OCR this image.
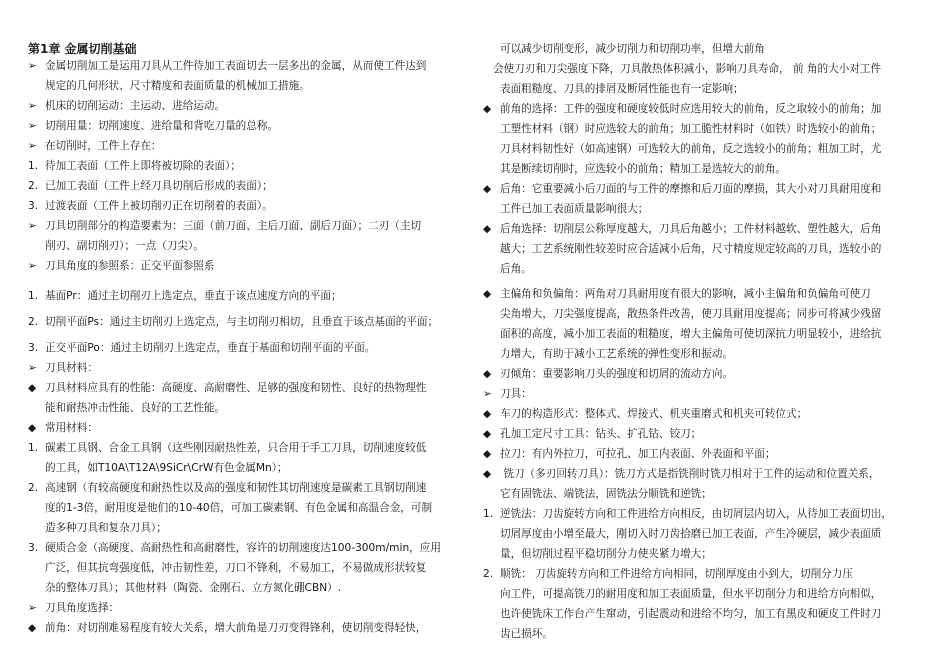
第1章 金属切削基础
➢ 金属切削加工是运用刀具从工件待加工表面切去一层多出的金属，从而使工件达到
规定的几何形状、尺寸精度和表面质量的机械加工措施。
➢ 机床的切削运动：主运动、进给运动。
➢ 切削用量：切削速度、进给量和背吃刀量的总称。
➢ 在切削时，工件上存在：
1. 待加工表面（工件上即将被切除的表面）；
2. 已加工表面（工件上经刀具切削后形成的表面）；
3. 过渡表面（工件上被切削刃正在切削着的表面）。
➢ 刀具切削部分的构造要素为：三面（前刀面、主后刀面、副后刀面）；二刃（主切
削刃、副切削刃）；一点（刀尖）。
➢ 刀具角度的参照系：正交平面参照系
1. 基面Pr：通过主切削刃上选定点，垂直于该点速度方向的平面；
2. 切削平面Ps：通过主切削刃上选定点，与主切削刃相切，且垂直于该点基面的平面；
3. 正交平面Po：通过主切削刃上选定点，垂直于基面和切削平面的平面。
➢ 刀具材料：
◆ 刀具材料应具有的性能：高硬度、高耐磨性、足够的强度和韧性、良好的热物理性
能和耐热冲击性能、良好的工艺性能。
◆ 常用材料：
1. 碳素工具钢、合金工具钢（这些刚因耐热性差，只合用于手工刀具，切削速度较低
的工具，如T10A\T12A\9SiCr\CrW有色金属Mn）；
2. 高速钢（有较高硬度和耐热性以及高的强度和韧性其切削速度是碳素工具钢切削速
度的1-3倍，耐用度是他们的10-40倍，可加工碳素钢、有色金属和高温合金，可制
造多种刀具和复杂刀具）；
3. 硬质合金（高硬度、高耐热性和高耐磨性，容许的切削速度达100-300m/min，应用
广泛，但其抗弯强度低，冲击韧性差，刀口不锋利，不易加工，不易做成形状较复
杂的整体刀具）；其他材料（陶瓷、金刚石、立方氮化硼CBN）.
➢ 刀具角度选择：
◆ 前角：对切削难易程度有较大关系，增大前角是刀刃变得锋利，使切削变得轻快，
可以减少切削变形，减少切削力和切削功率，但增大前角
会使刀刃和刀尖强度下降，刀具散热体积减小，影响刀具寿命， 前 角的大小对工件
表面粗糙度、刀具的排屑及断屑性能也有一定影响；
◆ 前角的选择：工件的强度和硬度较低时应选用较大的前角，反之取较小的前角；加
工塑性材料（钢）时应选较大的前角；加工脆性材料时（如铁）时选较小的前角；
刀具材料韧性好（如高速钢）可选较大的前角，反之选较小的前角；粗加工时，尤
其是断续切削时，应选较小的前角；精加工是选较大的前角。
◆ 后角：它重要减小后刀面的与工件的摩擦和后刀面的摩损，其大小对刀具耐用度和
工件已加工表面质量影响很大；
◆ 后角选择：切削层公称厚度越大，刀具后角越小；工件材料越软、塑性越大，后角
越大；工艺系统刚性较差时应合适减小后角，尺寸精度规定较高的刀具，选较小的
后角。
◆ 主偏角和负偏角：两角对刀具耐用度有很大的影响，减小主偏角和负偏角可使刀
尖角增大，刀尖强度提高，散热条件改善，使刀具耐用度提高；同步可将减少残留
面积的高度，减小加工表面的粗糙度，增大主偏角可使切深抗力明显较小，进给抗
力增大，有助于减小工艺系统的弹性变形和振动。
◆ 刃倾角：重要影响刀头的强度和切屑的流动方向。
➢ 刀具：
◆ 车刀的构造形式：整体式、焊接式、机夹重磨式和机夹可转位式；
◆ 孔加工定尺寸工具：钻头、扩孔钻、铰刀；
◆ 拉刀：有内外拉刀，可拉孔、加工内表面、外表面和平面；
◆ 铣刀（多刃回转刀具）：铣刀方式是指铣削时铣刀相对于工件的运动和位置关系，
它有固铣法、端铣法，固铣法分顺铣和逆铣；
1. 逆铣法：刀齿旋转方向和工件进给方向相反，由切屑层内切入，从待加工表面切出，
切屑厚度由小增至最大，刚切入时刀齿拾磨已加工表面，产生冷硬层，减少表面质
量，但切削过程平稳切削分力使夹紧力增大；
2. 顺铣： 刀齿旋转方向和工件进给方向相同，切削厚度由小到大，切削分力压
向工件，可提高铣刀的耐用度和加工表面质量，但水平切削分力和进给方向相似，
也许使铣床工作台产生窜动，引起震动和进给不均匀，加工有黑皮和硬皮工件时刀
齿已损坏。
